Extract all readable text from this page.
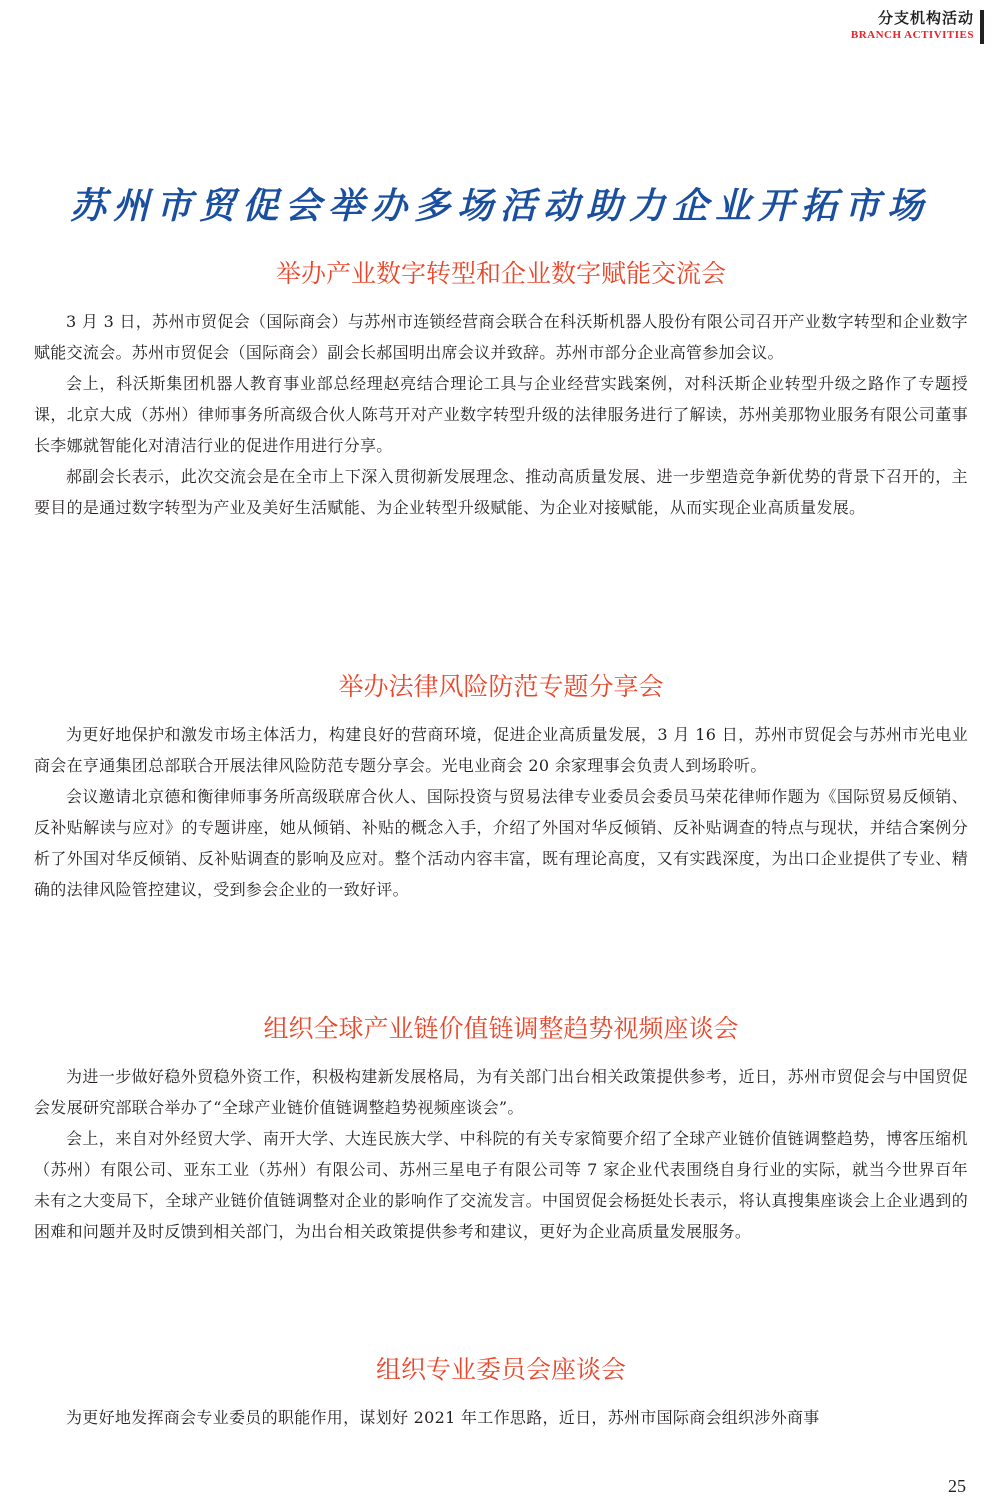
分支机构活动
BRANCH ACTIVITIES
苏州市贸促会举办多场活动助力企业开拓市场
举办产业数字转型和企业数字赋能交流会

3 月 3 日，苏州市贸促会（国际商会）与苏州市连锁经营商会联合在科沃斯机器人股份有限公司召开产业数字转型和企业数字赋能交流会。苏州市贸促会（国际商会）副会长郝国明出席会议并致辞。苏州市部分企业高管参加会议。

会上，科沃斯集团机器人教育事业部总经理赵亮结合理论工具与企业经营实践案例，对科沃斯企业转型升级之路作了专题授课，北京大成（苏州）律师事务所高级合伙人陈芎开对产业数字转型升级的法律服务进行了解读，苏州美那物业服务有限公司董事长李娜就智能化对清洁行业的促进作用进行分享。

郝副会长表示，此次交流会是在全市上下深入贯彻新发展理念、推动高质量发展、进一步塑造竞争新优势的背景下召开的，主要目的是通过数字转型为产业及美好生活赋能、为企业转型升级赋能、为企业对接赋能，从而实现企业高质量发展。

举办法律风险防范专题分享会

为更好地保护和激发市场主体活力，构建良好的营商环境，促进企业高质量发展，3 月 16 日，苏州市贸促会与苏州市光电业商会在亨通集团总部联合开展法律风险防范专题分享会。光电业商会 20 余家理事会负责人到场聆听。

会议邀请北京德和衡律师事务所高级联席合伙人、国际投资与贸易法律专业委员会委员马荣花律师作题为《国际贸易反倾销、反补贴解读与应对》的专题讲座，她从倾销、补贴的概念入手，介绍了外国对华反倾销、反补贴调查的特点与现状，并结合案例分析了外国对华反倾销、反补贴调查的影响及应对。整个活动内容丰富，既有理论高度，又有实践深度，为出口企业提供了专业、精确的法律风险管控建议，受到参会企业的一致好评。

组织全球产业链价值链调整趋势视频座谈会

为进一步做好稳外贸稳外资工作，积极构建新发展格局，为有关部门出台相关政策提供参考，近日，苏州市贸促会与中国贸促会发展研究部联合举办了“全球产业链价值链调整趋势视频座谈会”。

会上，来自对外经贸大学、南开大学、大连民族大学、中科院的有关专家简要介绍了全球产业链价值链调整趋势，博客压缩机（苏州）有限公司、亚东工业（苏州）有限公司、苏州三星电子有限公司等 7 家企业代表围绕自身行业的实际，就当今世界百年未有之大变局下，全球产业链价值链调整对企业的影响作了交流发言。中国贸促会杨挺处长表示，将认真搜集座谈会上企业遇到的困难和问题并及时反馈到相关部门，为出台相关政策提供参考和建议，更好为企业高质量发展服务。

组织专业委员会座谈会

为更好地发挥商会专业委员的职能作用，谋划好 2021 年工作思路，近日，苏州市国际商会组织涉外商事

25
